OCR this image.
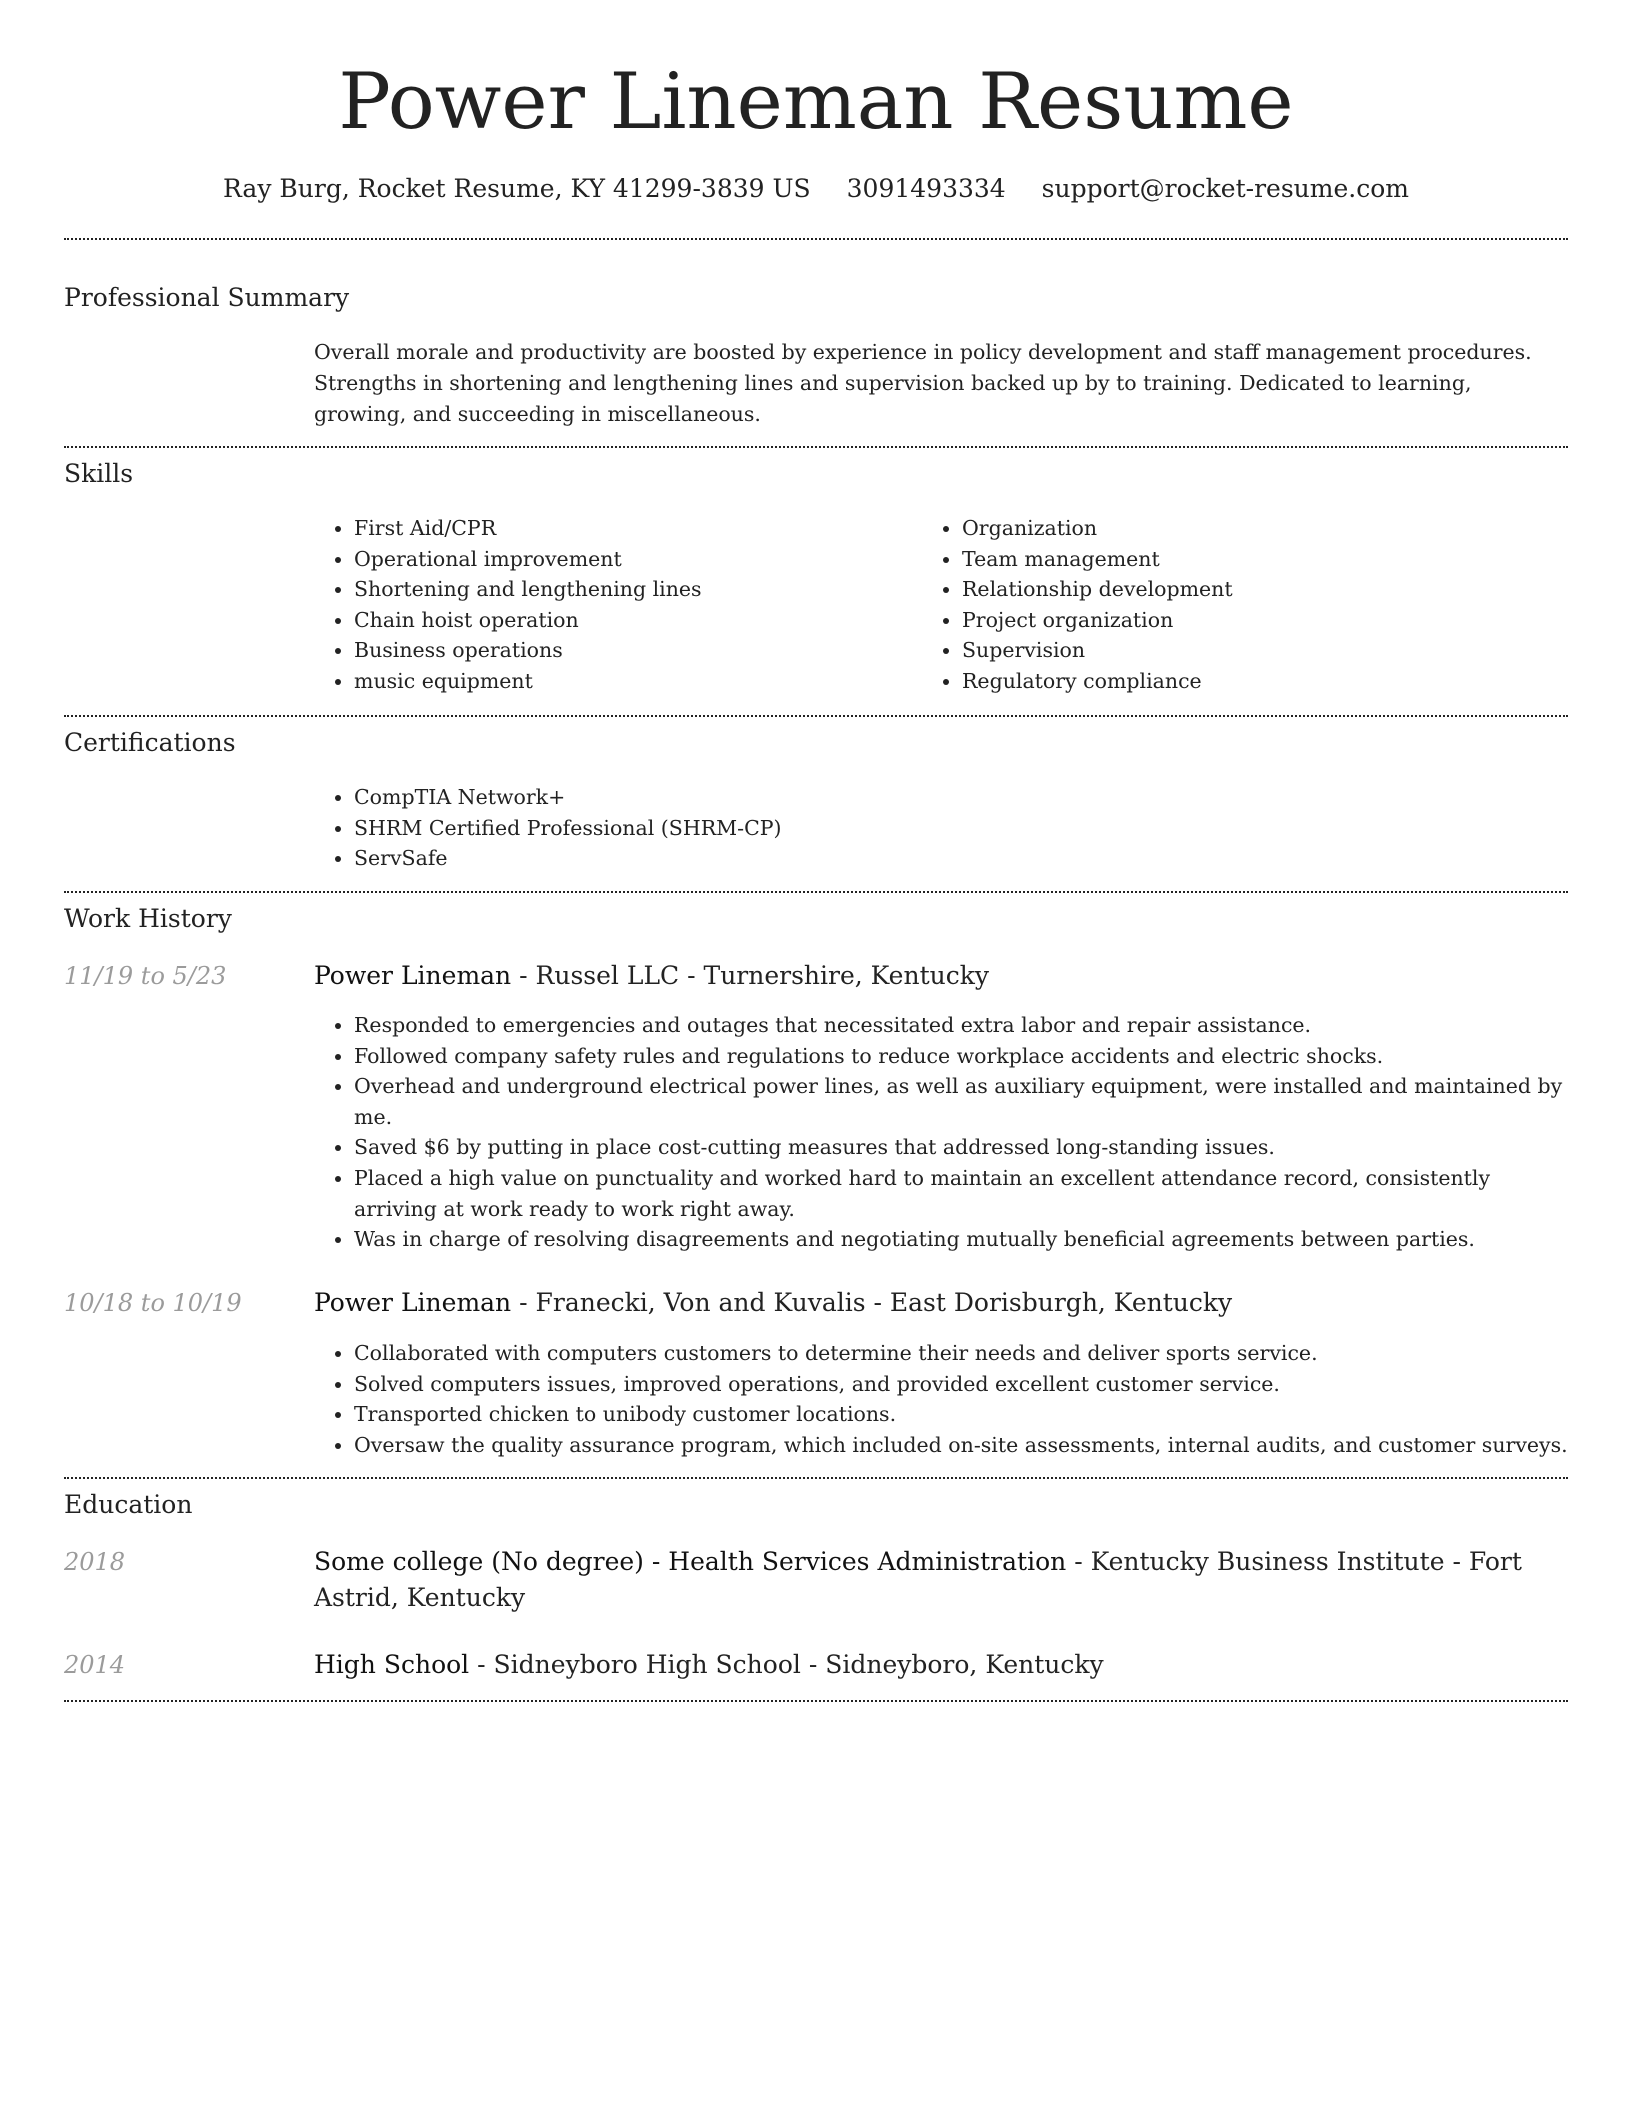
Power Lineman Resume
Ray Burg, Rocket Resume, KY 41299-3839 US 3091493334 support@rocket-resume.com
Professional Summary
Overall morale and productivity are boosted by experience in policy development and staff management procedures. Strengths in shortening and lengthening lines and supervision backed up by to training. Dedicated to learning, growing, and succeeding in miscellaneous.
Skills
• First Aid/CPR
• Operational improvement
• Shortening and lengthening lines
• Chain hoist operation
• Business operations
• music equipment
• Organization
• Team management
• Relationship development
• Project organization
• Supervision
• Regulatory compliance
Certifications
• CompTIA Network+
• SHRM Certified Professional (SHRM-CP)
• ServSafe
Work History
11/19 to 5/23	Power Lineman - Russel LLC - Turnershire, Kentucky
• Responded to emergencies and outages that necessitated extra labor and repair assistance.
• Followed company safety rules and regulations to reduce workplace accidents and electric shocks.
• Overhead and underground electrical power lines, as well as auxiliary equipment, were installed and maintained by me.
• Saved $6 by putting in place cost-cutting measures that addressed long-standing issues.
• Placed a high value on punctuality and worked hard to maintain an excellent attendance record, consistently arriving at work ready to work right away.
• Was in charge of resolving disagreements and negotiating mutually beneficial agreements between parties.
10/18 to 10/19	Power Lineman - Franecki, Von and Kuvalis - East Dorisburgh, Kentucky
• Collaborated with computers customers to determine their needs and deliver sports service.
• Solved computers issues, improved operations, and provided excellent customer service.
• Transported chicken to unibody customer locations.
• Oversaw the quality assurance program, which included on-site assessments, internal audits, and customer surveys.
Education
2018	Some college (No degree) - Health Services Administration - Kentucky Business Institute - Fort Astrid, Kentucky
2014	High School - Sidneyboro High School - Sidneyboro, Kentucky
